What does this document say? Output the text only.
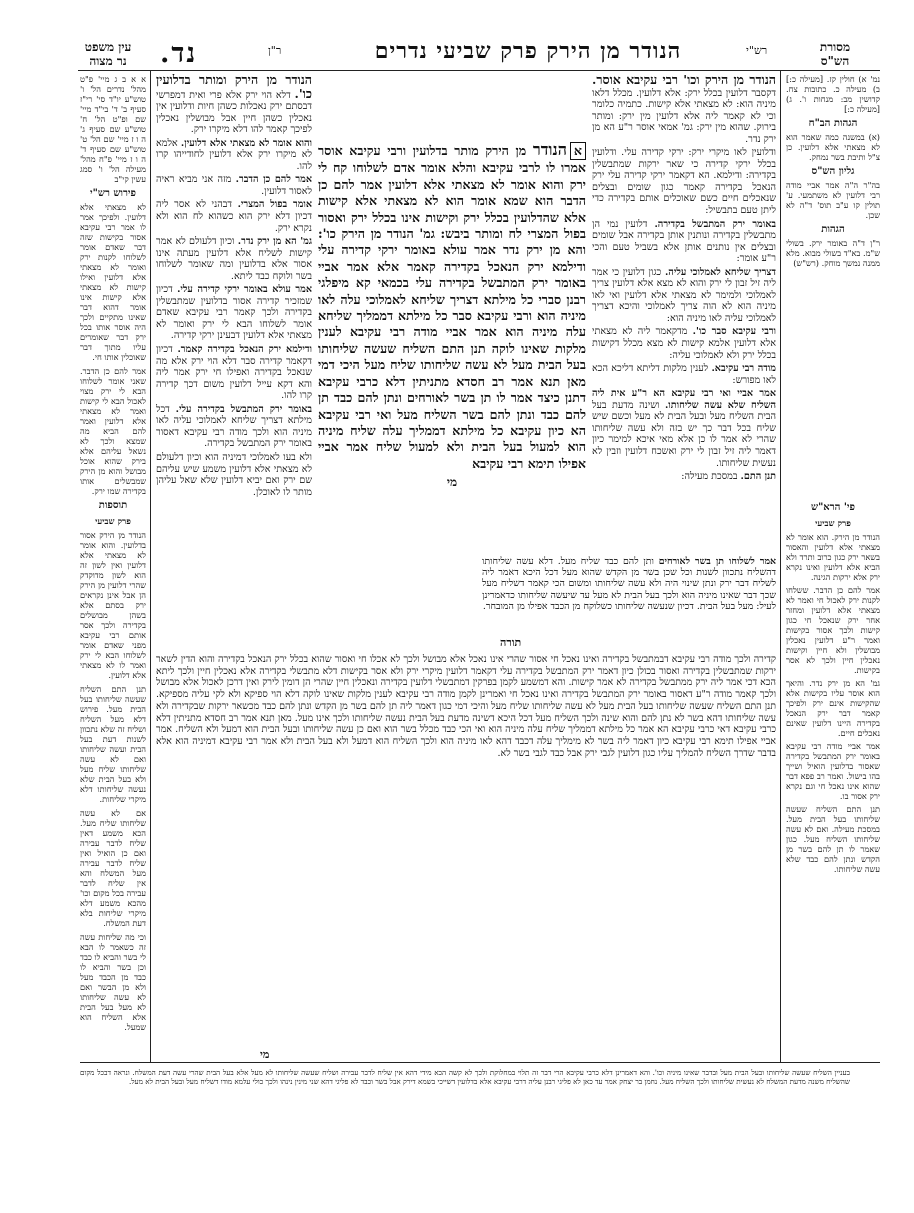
עין משפט
נר מצוה	נד.	ר"ן	הנודר מן הירק פרק שביעי נדרים	רש"י	מסורת
הש"ס
א א ב ג מיי' פ"ט מהל' נדרים הל' ו' טוש"ע יו"ד סי' רי"ז סעיף ב' ד' בי"ד מיי' שם ופ"ט הל' ח' טוש"ע שם סעיף ג' ה ו ז מיי' שם הל' ט' טוש"ע שם סעיף ד' ה ו ז מיי' פ"ח מהל' מעילה הל' ו' סמג עשין קי"ב
פירוש רש"י
לא מצאתי אלא דלועין. ולפיכך אמר לו אמר רבי עקיבא אסור בקישות שזה דבר שאדם אומר לשלוחו לקנות ירק ואומר לא מצאתי אלא דלועין ואילו קישות לא מצאתי אלא קישות אינו אומר דהוא דבר שאינו מתקיים ולכך היה אוסר אותו בכל ירק דבר שאומרים עליו מתוך דבר שאוכלין אותו חי.
אמר להם כן הדבר. שאני אומר לשלוחו הבא לי ירק מצוי לאכול הבא לי קישות ואמר לא מצאתי אלא דלועין ואמר להם הביא מה שמצא ולכך לא נשאל עליהם אלא בירק שהוא אוכל מבושל והוא מן הירק שמבשלים אותו בקדירה שמו ירק.
תוספות
פרק שביעי
הנודר מן הירק אסור בדלועין. והוא אומר לא מצאתי אלא דלועין ואין לשון זה הוא לשון מדוקדק שהרי דלועין מן הירק הן אבל אינן נקראים ירק בסתם אלא בשהן מבושלים בקדירה ולכך אסר אותם רבי עקיבא מפני שאדם אומר לשלוחו הבא לי ירק ואמר לו לא מצאתי אלא דלועין.
תנן התם השליח שעשה שליחותו בעל הבית מעל. פירוש דלא מעל השליח ושליח זה שלא נתכוון לשנות דעת בעל הבית ועשה שליחותו ואם לא עשה שליחותו שליח מעל ולא בעל הבית שלא נעשה שליחותו דלא מיקרי שליחות.
אם לא עשה שליחותו שליח מעל. הכא משמע דאין שליח לדבר עבירה ואם כן הואיל ואין שליח לדבר עבירה מעל המשלח והא אין שליח לדבר עבירה בכל מקום וכו' מהכא משמע דלא מיקרי שליחות בלא דעת המשלח.
וכי מה שליחות עשה זה כשאמר לו הבא לי בשר והביא לו כבד וכן בשר והביא לו כבד מן הכבד מעל ולא מן הבשר ואם לא עשה שליחותו לא מעל בעל הבית אלא השליח הוא שמעל.
נמ' א) חולין קז. [מעילה כ:] ב) מעילה כ. כתובות צח. קדושין מב: מנחות ו'. ג) [מעילה כ:]
הגהות הב"ח
(א) במשנה כמה שאמר הוא לא מצאתי אלא דלועין. כן צ"ל ותיבת בשר נמחק.
גליון הש"ס
בה"ר ה"ה אמר אביי מודה רבי דלועין לא משתמעי. ע' תולין קו ע"ב תוס' ד"ה לא שכן.
הגהות
ר"ן ד"ה באומר ירק. בשולי ש"מ. בא"ד בשולי מבוא. מלא ממנה נמשך מוחק. (רש"ש)
פי' הרא"ש
פרק שביעי
הנודר מן הירק. הוא אומר לא מצאתי אלא דלועין והאסור בשאר ירק כגון כרוב ותרד ולא הביא אלא דלועין ואינו נקרא ירק אלא ירקות הגינה.
אמר להם כן הדבר. ששלחו לקנות ירק לאכול חי ואמר לא מצאתי אלא דלועין ומחזר אחר ירק שנאכל חי כגון קישות ולכך אסור בקישות ואמר ר"ע דלועין נאכלין מבושלין ולא חיין וקישות נאכלין חיין ולכך לא אסר בקישות.
גמ' הא מן ירק נדר. והיאך הוא אוסר עליו בקישות אלא שהקישות אינם ירק ולפיכך קאמר דבר ירק הנאכל בקדירה היינו דלועין שאינם נאכלים חיים.
אמר אביי מודה רבי עקיבא באומר ירק המתבשל בקדירה שאסור בדלועין הואיל ושייך בהו בישול. ואמר רב פפא דבר שהוא אינו נאכל חי וגם נקרא ירק אסור בו.
תנן התם השליח שעשה שליחותו בעל הבית מעל. במסכת מעילה. ואם לא עשה שליחותו השליח מעל. כגון שאמר לו תן להם בשר מן הקדש ונתן להם כבד שלא עשה שליחותו.

הנודר מן הירק ומותר בדלועין כו'. דלא הוי ירק אלא פרי ואית דמפרשי דבסתם ירק נאכלות כשהן חיות ודלועין אין נאכלין כשהן חיין אבל מבושלין נאכלין לפיכך קאמר להו דלא מיקרו ירק.

והוא אומר לא מצאתי אלא דלועין. אלמא לא מיקרו ירק אלא דלועין לחודייהו קרו להו.

אמר להם כן הדבר. מזה אני מביא ראיה לאסור דלועין.

אומר בפול המצרי. דבהני לא אסר ליה דכיון דלא ירק הוא כשהוא לח הוא ולא נקרא ירק.

גמ' הא מן ירק נדר. וכיון דלעולם לא אמר קישות לשליח אלא דלועין מעתה אינו אסור אלא בדלועין ומה שאומר לשלוחו בשר ולוקח כבד ליתא.

אמר עולא באומר ירקי קדירה עלי. דכיון שמזכיר קדירה אסור בדלועין שמתבשלין בקדירה ולכך קאמר רבי עקיבא שאדם אומר לשלוחו הבא לי ירק ואומר לא מצאתי אלא דלועין דבעינן ירקי קדירה.

ודילמא ירק הנאכל בקדירה קאמר. דכיון דקאמר קדירה סבר דלא הוי ירק אלא מה שנאכל בקדירה ואפילו חי ירק אמר ליה והא דקא עייל דלועין משום דכך קדירה קרו להו.

באומר ירק המתבשל בקדירה עלי. דכל מילתא דצריך שליחא לאמלוכי עליה לאו מיניה הוא ולכך מודה רבי עקיבא דאסור באומר ירק המתבשל בקדירה.

ולא בעו לאמלוכי דמיניה הוא וכיון דלעולם לא מצאתי אלא דלועין משמע שיש עליהם שם ירק ואם יביא דלועין שלא שאל עליהן מותר לו לאוכלן.

הנודר מן הירק וכו' רבי עקיבא אוסר. דקסבר דלועין בכלל ירק: אלא דלועין. מכלל דלאו מיניה הוא: לא מצאתי אלא קישות. כתמיה כלומר וכי לא קאמר ליה אלא דלועין מין ירק: ומותר בירוק. שהוא מין ירק: גמ' אמאי אוסר ר"ע הא מן ירק נדר.

ודלועין לאו מיקרי ירק: ירקי קדירה עלי. ודלועין בכלל ירקי קדירה כי שאר ירקות שמתבשלין בקדירה: ודילמא. הא דקאמר ירקי קדירה עלי ירק הנאכל בקדירה קאמר כגון שומים ובצלים שנאכלים חיים כשם שאוכלים אותם בקדירה כדי ליתן טעם בתבשיל:

באומר ירק המתבשל בקדירה. דלועין נמי הן מתבשלין בקדירה ונותנין אותן בקדירה אבל שומים ובצלים אין נותנים אותן אלא בשביל טעם והכי ר"ע אומר:

דצריך שליחא לאמלוכי עליה. כגון דלועין כי אמר ליה זיל זבון לי ירק והוא לא מצא אלא דלועין צריך לאמלוכי ולמימר לא מצאתי אלא דלועין ואי לאו מיניה הוא לא הוה צריך לאמלוכי והיכא דצריך לאמלוכי עליה לאו מיניה הוא:

ורבי עקיבא סבר כו'. מדקאמר ליה לא מצאתי אלא דלועין אלמא קישות לא מצא מכלל דקישות בכלל ירק ולא לאמלוכי עליה:

מודה רבי עקיבא. לענין מלקות דליתא דליכא הכא לאו מפורש:

אמר אביי ואי רבי עקיבא הא ר"ע אית ליה השליח שלא עשה שליחותו. ושינה מדעת בעל הבית השליח מעל ובעל הבית לא מעל וכשם שיש שליח בכל דבר כך יש בזה ולא עשה שליחותו שהרי לא אמר לו כן אלא מאי איכא למימר כיון דאמר ליה זיל זבון לי ירק ואשכח דלועין וזבין לא נעשית שליחותו.

תנן התם. במסכת מעילה:

אהנודר מן הירק מותר בדלועין ורבי עקיבא אוסר אמרו לו לרבי עקיבא והלא אומר אדם לשלוחו קח לי ירק והוא אומר לא מצאתי אלא דלועין אמר להם כן הדבר הוא שמא אומר הוא לא מצאתי אלא קישות אלא שהדלועין בכלל ירק וקישות אינו בכלל ירק ואסור בפול המצרי לח ומותר ביבש: גמ' הנודר מן הירק כו': והא מן ירק נדר אמר עולא באומר ירקי קדירה עלי ודילמא ירק הנאכל בקדירה קאמר אלא אמר אביי באומר ירק המתבשל בקדירה עלי בכמאי קא מיפלגי רבנן סברי כל מילתא דצריך שליחא לאמלוכי עלה לאו מיניה הוא ורבי עקיבא סבר כל מילתא דממליך שליחא עלה מיניה הוא אמר אביי מודה רבי עקיבא לענין מלקות שאינו לוקה תנן התם השליח שעשה שליחותו בעל הבית מעל לא עשה שליחותו שליח מעל היכי דמי מאן תנא אמר רב חסדא מתניתין דלא כרבי עקיבא דתנן כיצד אמר לו תן בשר לאורחים ונתן להם כבד תן להם כבד ונתן להם בשר השליח מעל ואי רבי עקיבא הא כיון עקיבא כל מילתא דממליך עלה שליח מיניה הוא למעול בעל הבית ולא למעול שליח אמר אביי אפילו תימא רבי עקיבא
מי

אמר לשלוחו תן בשר לאורחים ותן להם כבד שליח מעל. דלא עשה שליחותו דהשליח נתכוון לשנות וכל שכן בשר מן הקדש שהוא מעל דכל היכא דאמר ליה לשליח דבר ירק ונתן שינוי היה ולא עשה שליחותו ומשום הכי קאמר דשליח מעל שכך דבר שאינו מיניה הוא ולכך בעל הבית לא מעל עד שיעשה שליחותו כדאמרינן לעיל: מעל בעל הבית. דכיון שנעשה שליחותו כשלוקח מן הכבד אפילו מן המובחר.

תורה

קדירה ולכך מודה רבי עקיבא דבמתבשל בקדירה ואינו נאכל חי אסור שהרי אינו נאכל אלא מבושל ולכך לא אכלו חי ואסור שהוא בכלל ירק הנאכל בקדירה והוא הדין לשאר ירקות שמתבשלין בקדירה ואסור בכולן כיון דאמר ירק המתבשל בקדירה עלי דקאמר דלועין מיקרי ירק ולא אסר בקישות דלא מתבשלי בקדירה אלא נאכלין חיין ולכך ליתא הכא דכי אמר ליה ירק ממתבשל בקדירה לא אמר קישות. והא דמשמע לקמן בפרקין דמתבשלי דלועין בקדירה ונאכלין חיין שהרי הן דומין לירק ואין דרכן לאכול אלא מבושל ולכך קאמר מודה ר"ע דאסור באומר ירק המתבשל בקדירה ואינו נאכל חי ואמרינן לקמן מודה רבי עקיבא לענין מלקות שאינו לוקה דלא הוי ספיקא ולא לקי עליה מספיקא. תנן התם השליח שעשה שליחותו בעל הבית מעל לא עשה שליחותו שליח מעל והיכי דמי כגון דאמר ליה תן להם בשר מן הקדש ונתן להם כבד מכשאר ירקות שבקדירה ולא עשה שליחותו דהא בשר לא נתן להם והוא שינה ולכך השליח מעל דכל היכא דשינה מדעת בעל הבית נעשה שליחותו ולכך אינו מעל. מאן תנא אמר רב חסדא מתניתין דלא כרבי עקיבא דאי כרבי עקיבא הא אמר כל מילתא דממליך שליח עלה מיניה הוא ואי הכי כבד מכלל בשר הוא ואם כן עשה שליחותו ובעל הבית הוא דמעל ולא השליח. אמר אביי אפילו תימא רבי עקיבא כיון דאמר ליה בשר לא מימליך עלה דכבד דהא לאו מיניה הוא ולכך השליח הוא דמעל ולא בעל הבית ולא אמר רבי עקיבא דמיניה הוא אלא בדבר שדרך השליח להמליך עליו כגון דלועין לגבי ירק אבל כבד לגבי בשר לא.

מי
בעניין השליח שעשה שליחותו ובעל הבית מעל ובדבר שאינו מיניה וכו'. והא דאמרינן דלא כרבי עקיבא הרי דבר זה תלוי במחלוקת ולכך לא קשה הכא מידי דהא אין שליח לדבר עבירה ושליח שעשה שליחותו לא מעל אלא בעל הבית שהרי עשה דעת המשלח. ונראה דבכל מקום שהשליח משנה מדעת המשלח לא נעשית שליחותו ולכך השליח מעל. נחמן בר יצחק אמר עד כאן לא פליגי רבנן עליה דרבי עקיבא אלא בדלועין דשייכי בשמא דירק אבל בשר וכבד לא פליגי דהא שני מינין נינהו ולכך כולי עלמא מודו דשליח מעל ובעל הבית לא מעל.
